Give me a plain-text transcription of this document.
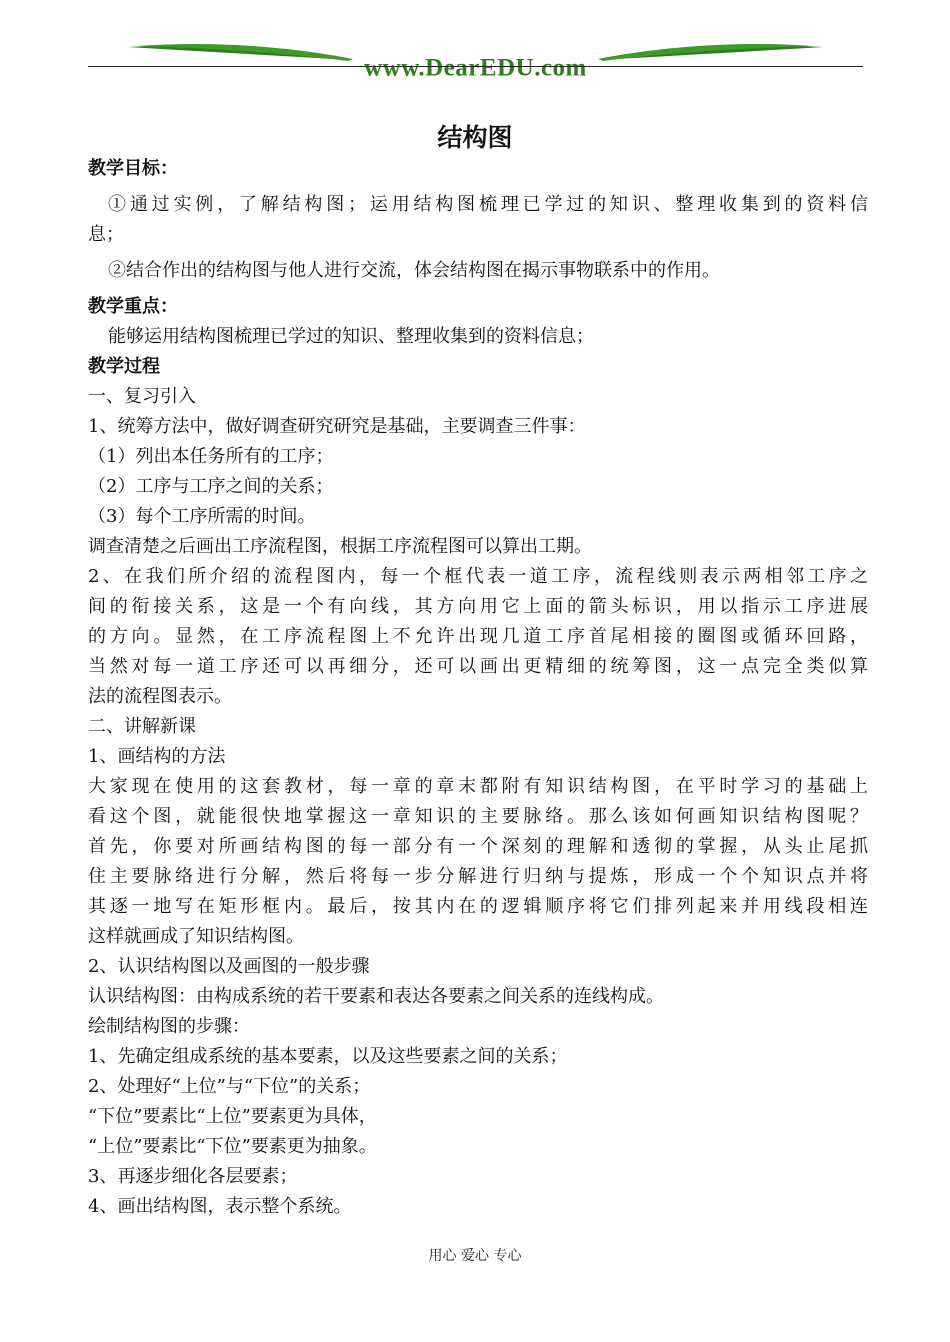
www.DearEDU.com
结构图
教学目标：
①通过实例，了解结构图；运用结构图梳理已学过的知识、整理收集到的资料信
息；
②结合作出的结构图与他人进行交流，体会结构图在揭示事物联系中的作用。
教学重点：
能够运用结构图梳理已学过的知识、整理收集到的资料信息；
教学过程
一、复习引入
1、统筹方法中，做好调查研究研究是基础，主要调查三件事：
（1）列出本任务所有的工序；
（2）工序与工序之间的关系；
（3）每个工序所需的时间。
调查清楚之后画出工序流程图，根据工序流程图可以算出工期。
2、在我们所介绍的流程图内，每一个框代表一道工序，流程线则表示两相邻工序之
间的衔接关系，这是一个有向线，其方向用它上面的箭头标识，用以指示工序进展
的方向。显然，在工序流程图上不允许出现几道工序首尾相接的圈图或循环回路，
当然对每一道工序还可以再细分，还可以画出更精细的统筹图，这一点完全类似算
法的流程图表示。
二、讲解新课
1、画结构的方法
大家现在使用的这套教材，每一章的章末都附有知识结构图，在平时学习的基础上
看这个图，就能很快地掌握这一章知识的主要脉络。那么该如何画知识结构图呢？
首先，你要对所画结构图的每一部分有一个深刻的理解和透彻的掌握，从头止尾抓
住主要脉络进行分解，然后将每一步分解进行归纳与提炼，形成一个个知识点并将
其逐一地写在矩形框内。最后，按其内在的逻辑顺序将它们排列起来并用线段相连
这样就画成了知识结构图。
2、认识结构图以及画图的一般步骤
认识结构图：由构成系统的若干要素和表达各要素之间关系的连线构成。
绘制结构图的步骤：
1、先确定组成系统的基本要素，以及这些要素之间的关系；
2、处理好“上位”与“下位”的关系；
“下位”要素比“上位”要素更为具体，
“上位”要素比“下位”要素更为抽象。
3、再逐步细化各层要素；
4、画出结构图，表示整个系统。
用心 爱心 专心
